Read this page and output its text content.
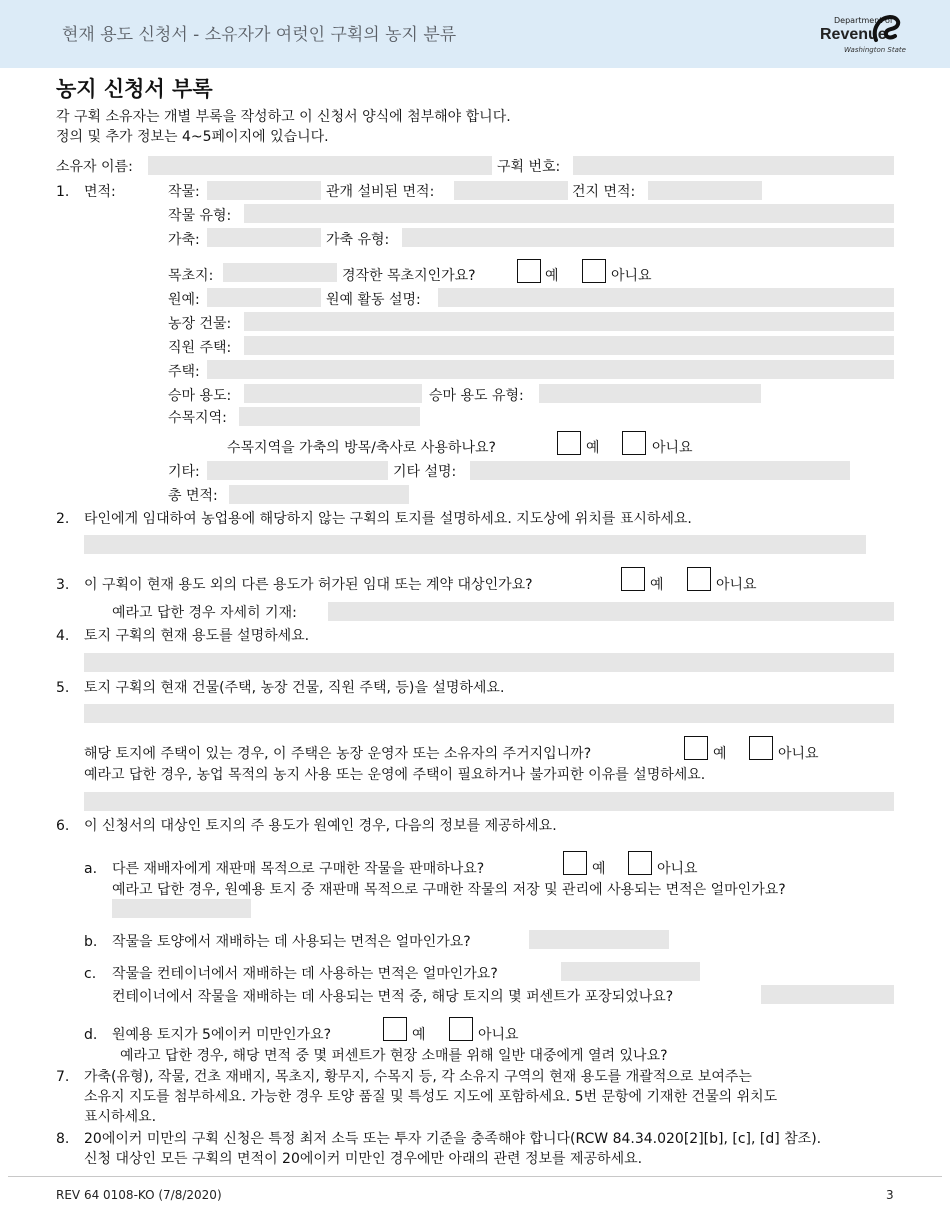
현재 용도 신청서 - 소유자가 여럿인 구획의 농지 분류
Department of
Revenue
Washington State
농지 신청서 부록
각 구획 소유자는 개별 부록을 작성하고 이 신청서 양식에 첨부해야 합니다.
정의 및 추가 정보는 4~5페이지에 있습니다.
소유자 이름:	구획 번호:
1. 면적:	작물:	관개 설비된 면적:	건지 면적:
작물 유형:
가축:	가축 유형:
목초지:	경작한 목초지인가요?	예	아니요
원예:	원예 활동 설명:
농장 건물:
직원 주택:
주택:
승마 용도:	승마 용도 유형:
수목지역:
수목지역을 가축의 방목/축사로 사용하나요?	예	아니요
기타:	기타 설명:
총 면적:
2. 타인에게 임대하여 농업용에 해당하지 않는 구획의 토지를 설명하세요. 지도상에 위치를 표시하세요.
3. 이 구획이 현재 용도 외의 다른 용도가 허가된 임대 또는 계약 대상인가요?	예	아니요
예라고 답한 경우 자세히 기재:
4. 토지 구획의 현재 용도를 설명하세요.
5. 토지 구획의 현재 건물(주택, 농장 건물, 직원 주택, 등)을 설명하세요.
해당 토지에 주택이 있는 경우, 이 주택은 농장 운영자 또는 소유자의 주거지입니까?	예	아니요
예라고 답한 경우, 농업 목적의 농지 사용 또는 운영에 주택이 필요하거나 불가피한 이유를 설명하세요.
6. 이 신청서의 대상인 토지의 주 용도가 원예인 경우, 다음의 정보를 제공하세요.
a. 다른 재배자에게 재판매 목적으로 구매한 작물을 판매하나요?	예	아니요
예라고 답한 경우, 원예용 토지 중 재판매 목적으로 구매한 작물의 저장 및 관리에 사용되는 면적은 얼마인가요?
b. 작물을 토양에서 재배하는 데 사용되는 면적은 얼마인가요?
c. 작물을 컨테이너에서 재배하는 데 사용하는 면적은 얼마인가요?
컨테이너에서 작물을 재배하는 데 사용되는 면적 중, 해당 토지의 몇 퍼센트가 포장되었나요?
d. 원예용 토지가 5에이커 미만인가요?	예	아니요
예라고 답한 경우, 해당 면적 중 몇 퍼센트가 현장 소매를 위해 일반 대중에게 열려 있나요?
7. 가축(유형), 작물, 건초 재배지, 목초지, 황무지, 수목지 등, 각 소유지 구역의 현재 용도를 개괄적으로 보여주는
소유지 지도를 첨부하세요. 가능한 경우 토양 품질 및 특성도 지도에 포함하세요. 5번 문항에 기재한 건물의 위치도
표시하세요.
8. 20에이커 미만의 구획 신청은 특정 최저 소득 또는 투자 기준을 충족해야 합니다(RCW 84.34.020[2][b], [c], [d] 참조).
신청 대상인 모든 구획의 면적이 20에이커 미만인 경우에만 아래의 관련 정보를 제공하세요.
REV 64 0108-KO (7/8/2020)	3
